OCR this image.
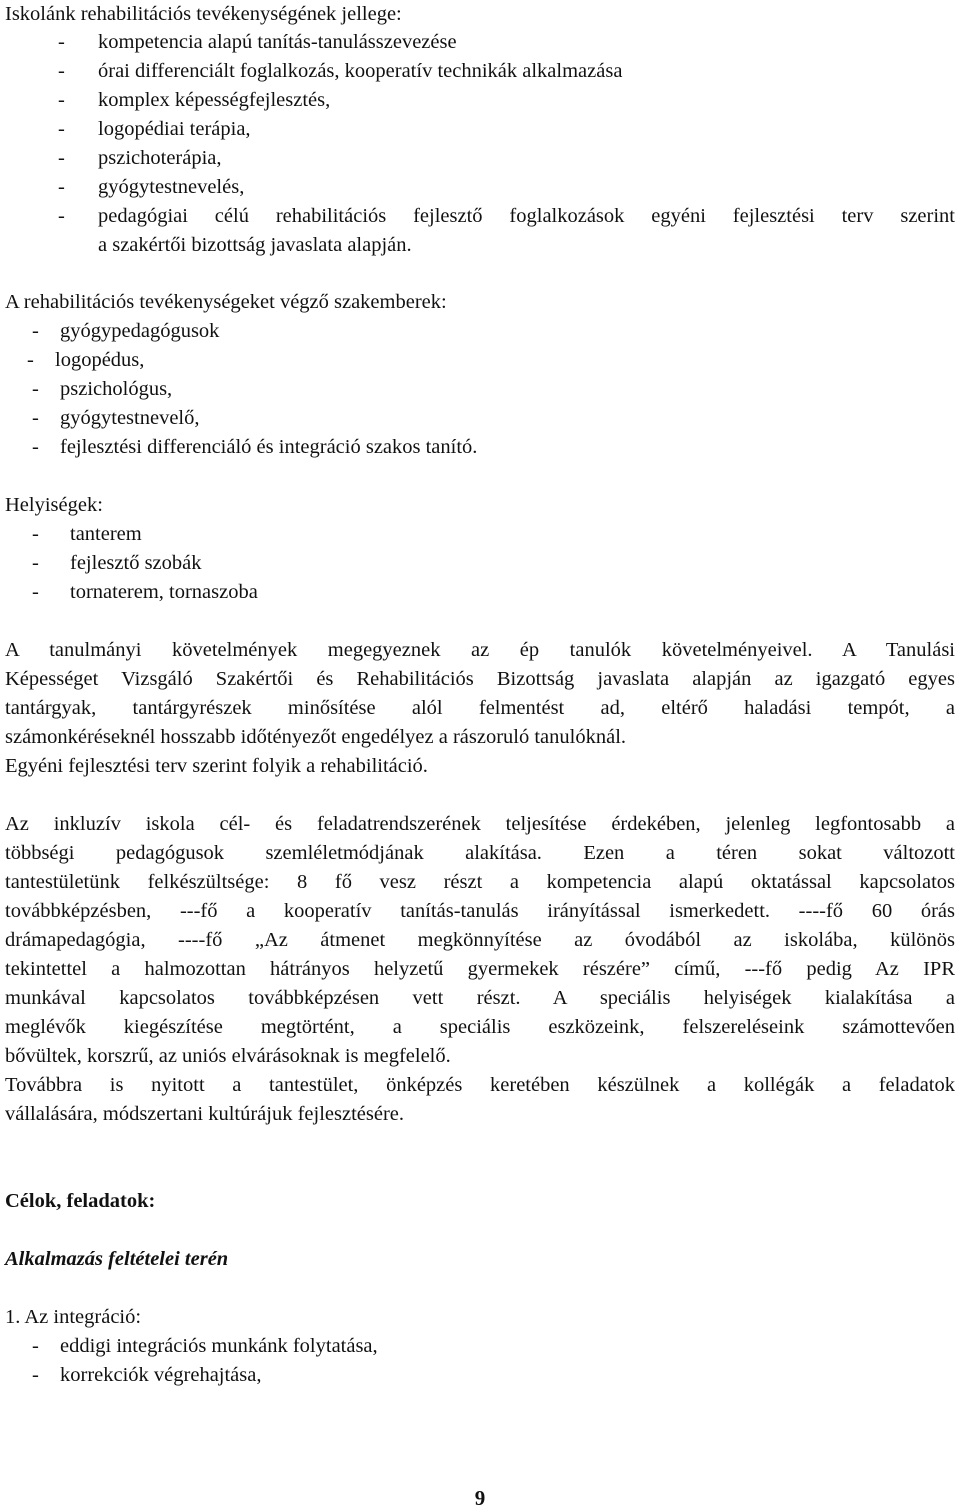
Iskolánk rehabilitációs tevékenységének jellege:
- kompetencia alapú tanítás-tanulásszevezése
- órai differenciált foglalkozás, kooperatív technikák alkalmazása
- komplex képességfejlesztés,
- logopédiai terápia,
- pszichoterápia,
- gyógytestnevelés,
- pedagógiai célú rehabilitációs fejlesztő foglalkozások egyéni fejlesztési terv szerint
a szakértői bizottság javaslata alapján.
A rehabilitációs tevékenységeket végző szakemberek:
- gyógypedagógusok
- logopédus,
- pszichológus,
- gyógytestnevelő,
- fejlesztési differenciáló és integráció szakos tanító.
Helyiségek:
- tanterem
- fejlesztő szobák
- tornaterem, tornaszoba
A tanulmányi követelmények megegyeznek az ép tanulók követelményeivel. A Tanulási
Képességet Vizsgáló Szakértői és Rehabilitációs Bizottság javaslata alapján az igazgató egyes
tantárgyak, tantárgyrészek minősítése alól felmentést ad, eltérő haladási tempót, a
számonkéréseknél hosszabb időtényezőt engedélyez a rászoruló tanulóknál.
Egyéni fejlesztési terv szerint folyik a rehabilitáció.
Az inkluzív iskola cél- és feladatrendszerének teljesítése érdekében, jelenleg legfontosabb a
többségi pedagógusok szemléletmódjának alakítása. Ezen a téren sokat változott
tantestületünk felkészültsége: 8 fő vesz részt a kompetencia alapú oktatással kapcsolatos
továbbképzésben, ---fő a kooperatív tanítás-tanulás irányítással ismerkedett. ----fő 60 órás
drámapedagógia, ----fő „Az átmenet megkönnyítése az óvodából az iskolába, különös
tekintettel a halmozottan hátrányos helyzetű gyermekek részére” című, ---fő pedig Az IPR
munkával kapcsolatos továbbképzésen vett részt. A speciális helyiségek kialakítása a
meglévők kiegészítése megtörtént, a speciális eszközeink, felszereléseink számottevően
bővültek, korszrű, az uniós elvárásoknak is megfelelő.
Továbbra is nyitott a tantestület, önképzés keretében készülnek a kollégák a feladatok
vállalására, módszertani kultúrájuk fejlesztésére.
Célok, feladatok:
Alkalmazás feltételei terén
1. Az integráció:
- eddigi integrációs munkánk folytatása,
- korrekciók végrehajtása,
9
